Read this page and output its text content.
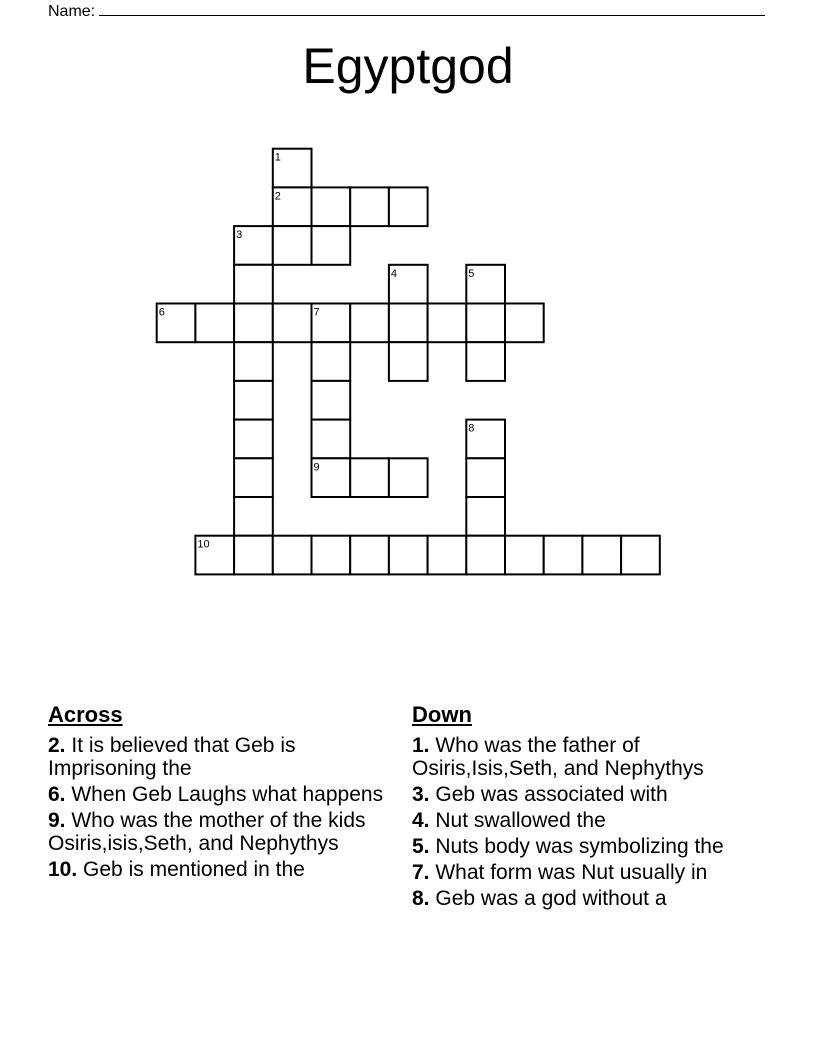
Name:
Egyptgod
1
2
3
4	5
6	7
8
9
10
Across
2. It is believed that Geb is Imprisoning the
6. When Geb Laughs what happens
9. Who was the mother of the kids Osiris,isis,Seth, and Nephythys
10. Geb is mentioned in the
Down
1. Who was the father of Osiris,Isis,Seth, and Nephythys
3. Geb was associated with
4. Nut swallowed the
5. Nuts body was symbolizing the
7. What form was Nut usually in
8. Geb was a god without a
